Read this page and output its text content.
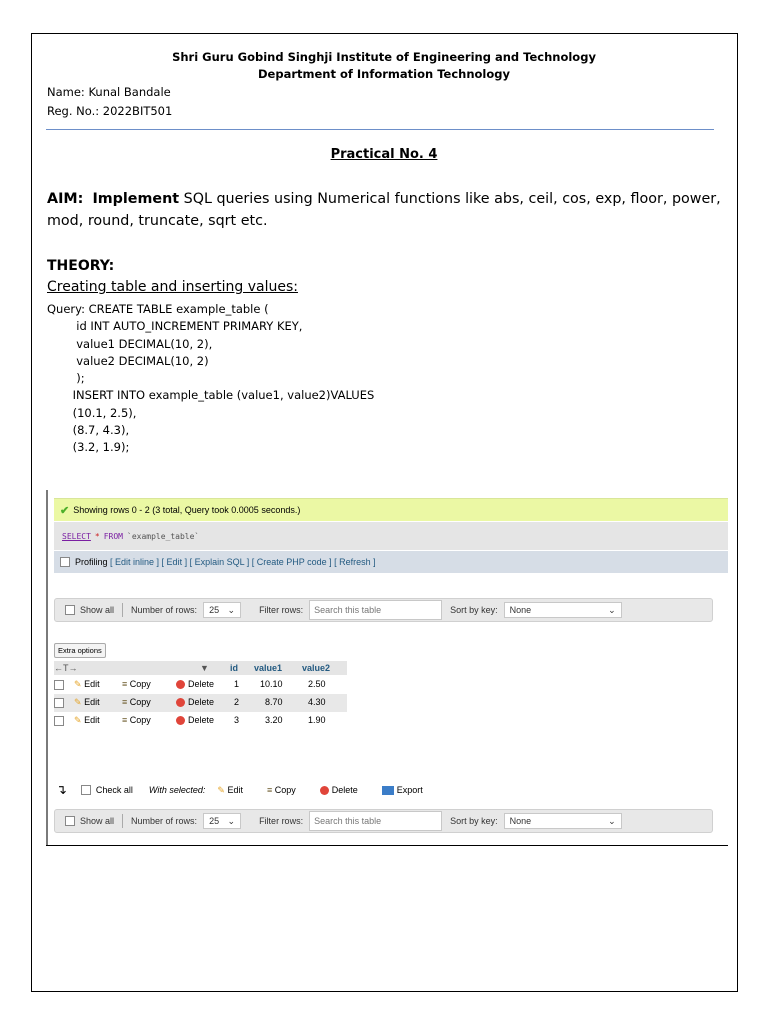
Shri Guru Gobind Singhji Institute of Engineering and Technology
Department of Information Technology
Name: Kunal Bandale
Reg. No.: 2022BIT501
Practical No. 4
AIM: Implement SQL queries using Numerical functions like abs, ceil, cos, exp, floor, power, mod, round, truncate, sqrt etc.
THEORY:
Creating table and inserting values:
Query: CREATE TABLE example_table (
id INT AUTO_INCREMENT PRIMARY KEY,
value1 DECIMAL(10, 2),
value2 DECIMAL(10, 2)
);
INSERT INTO example_table (value1, value2)VALUES
(10.1, 2.5),
(8.7, 4.3),
(3.2, 1.9);
✔ Showing rows 0 - 2 (3 total, Query took 0.0005 seconds.)
SELECT * FROM `example_table`
Profiling
[ Edit inline ] [ Edit ] [ Explain SQL ] [ Create PHP code ] [ Refresh ]
Show all Number of rows: 25 ⌄	Filter rows:	Search this table	Sort by key: None	⌄
Extra options
←T→	▼ id value1 value2
✎ Edit ≡ Copy	Delete 1 10.10	2.50
✎ Edit ≡ Copy	Delete 2	8.70	4.30
✎ Edit ≡ Copy	Delete 3	3.20	1.90
↴	Check all With selected: ✎ Edit	≡ Copy	Delete	Export
Show all Number of rows: 25 ⌄	Filter rows:	Search this table	Sort by key: None	⌄
